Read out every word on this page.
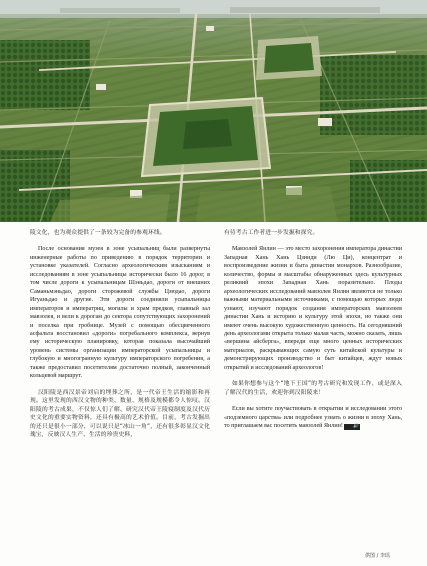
陵文化，也为观众提供了一条较为完备的参观环线。

После основания музея в зоне усыпальниц были развернуты инженерные работы по приведению в порядок территории и установке указателей. Согласно археологическим изысканиям и исследованиям в зоне усыпальницы исторически было 16 дорог, в том числе дороги к усыпальницам Шэньдао, дороги от внешних Саманьмэньдао, дороги сторожевой службы Цзюдао, дороги Игуаньдао и другие. Эти дороги соединяли усыпальницы императоров и императриц, могилы и храм предков, главный зал мавзолея, и вели к дорогам до сектора сопутствующих захоронений и поселка при гробнице. Музей с помощью обесцвеченного асфальта восстановил «дороги» погребального комплекса, вернув ему историческую планировку, которая показала высочайший уровень системы организации императорской усыпальницы и глубокую и многогранную культуру императорского погребения, а также предоставил посетителям достаточно полный, законченный кольцевой маршрут.

汉阳陵是西汉景帝刘启的埋葬之所，是一代帝王生活的缩影和再现。这里发现的西汉文物的种类、数量、规格及规模都令人惊叹。汉阳陵的考古成果，不仅惊人们了解、研究汉代帝王陵寝制度及汉代历史文化的重要实物资料，还具有极高的艺术价值。目前，考古发掘出的还只是很小一部分，可以说只是“冰山一角”，还有很多彰显汉文化瑰宝，反映汉人生产、生活的珍贵史料，

有待考古工作者进一步发掘和探究。

Мавзолей Янлин — это место захоронения императора династии Западная Хань Хань Цзинди (Лю Ци), концентрат и воспроизведение жизни и быта династии монархов. Разнообразие, количество, формы и масштабы обнаруженных здесь культурных реликвий эпохи Западная Хань поразительно. Плоды археологических исследований мавзолея Янлин являются не только важными материальными источниками, с помощью которых люди узнают, изучают порядок создания императорских мавзолеев династии Хань и историю и культуру этой эпохи, но также они имеют очень высокую художественную ценность. На сегодняшний день археологами открыта только малая часть, можно сказать, лишь «вершина айсберга», впереди еще много ценных исторических материалов, раскрывающих самую суть китайской культуры и демонстрирующих производство и быт китайцев, ждут новых открытий и исследований археологов!

如果你想参与这个“地下王国”的考古研究和发现工作，或是深入了解汉代的生活，欢迎你到汉阳陵来！

Если вы хотите поучаствовать в открытии и исследовании этого «подземного царства» или подробнее узнать о жизни в эпоху Хань, то приглашаем вас посетить мавзолей Янлин! 🔊

供图 / 李瑶
